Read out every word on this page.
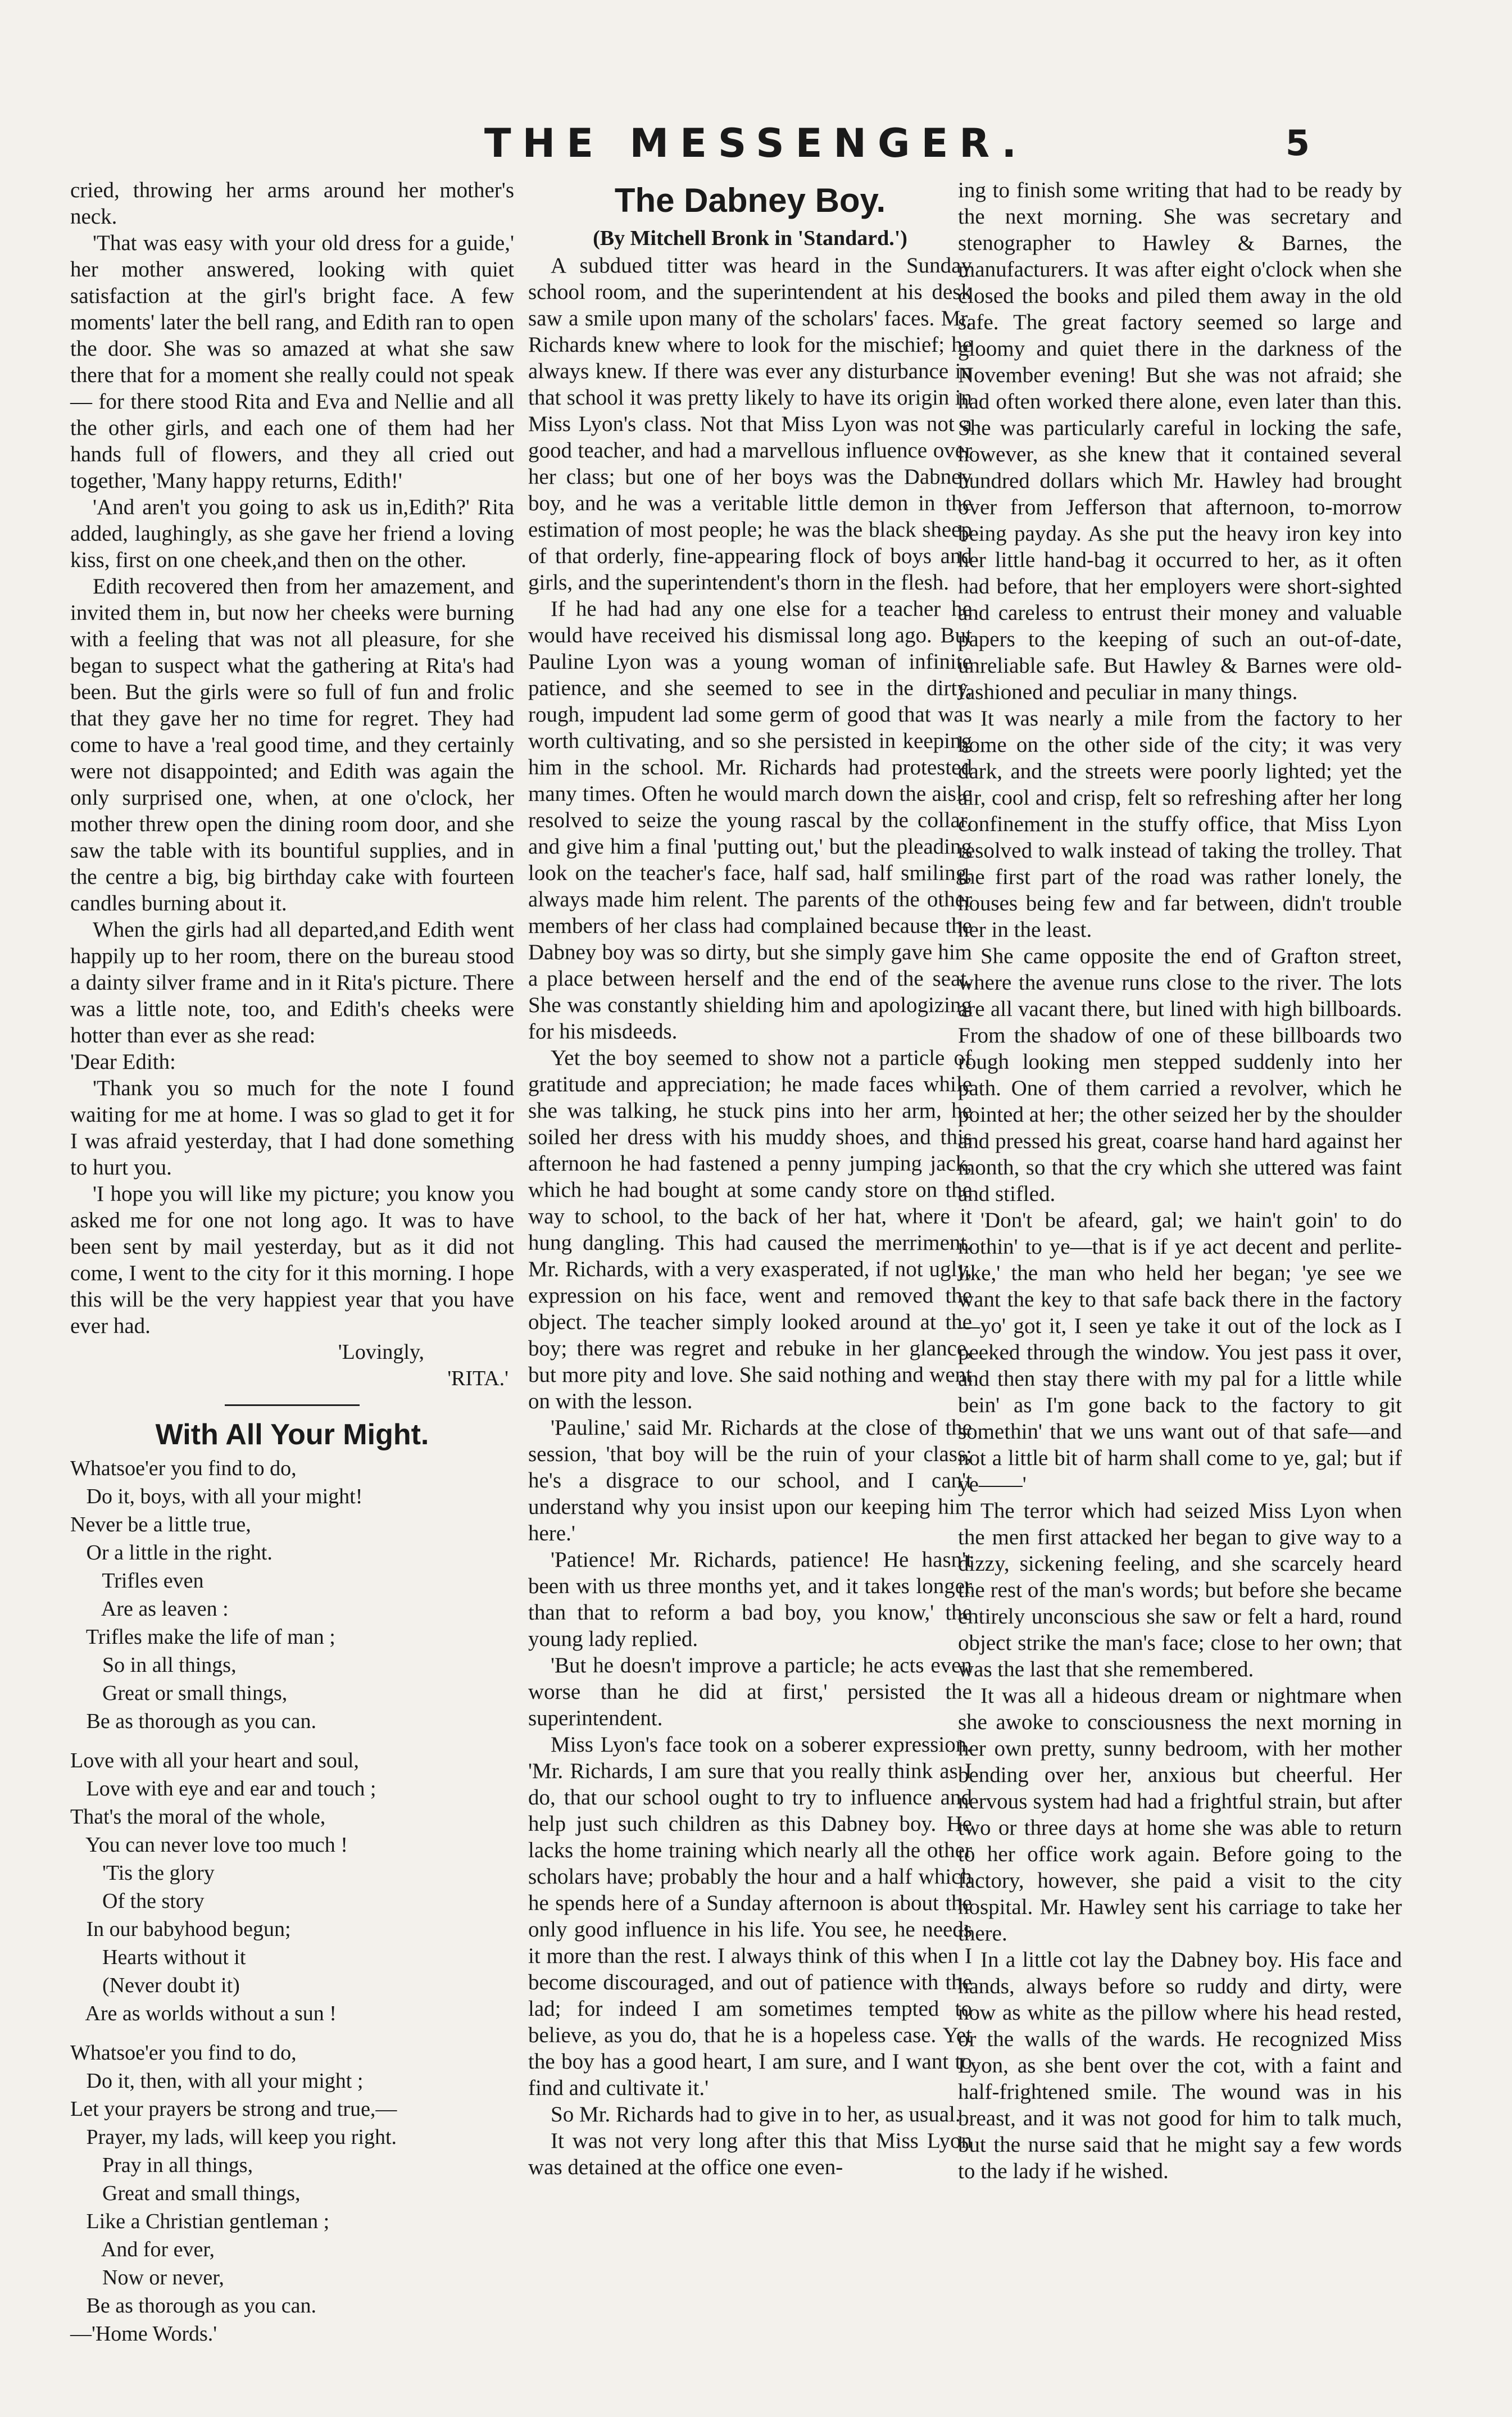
THE MESSENGER.	5

cried, throwing her arms around her mother's neck.

'That was easy with your old dress for a guide,' her mother answered, looking with quiet satisfaction at the girl's bright face. A few moments' later the bell rang, and Edith ran to open the door. She was so amazed at what she saw there that for a moment she really could not speak — for there stood Rita and Eva and Nellie and all the other girls, and each one of them had her hands full of flowers, and they all cried out together, 'Many happy returns, Edith!'

'And aren't you going to ask us in,Edith?' Rita added, laughingly, as she gave her friend a loving kiss, first on one cheek,and then on the other.

Edith recovered then from her amazement, and invited them in, but now her cheeks were burning with a feeling that was not all pleasure, for she began to suspect what the gathering at Rita's had been. But the girls were so full of fun and frolic that they gave her no time for regret. They had come to have a 'real good time, and they certainly were not disappointed; and Edith was again the only surprised one, when, at one o'clock, her mother threw open the dining room door, and she saw the table with its bountiful supplies, and in the centre a big, big birthday cake with fourteen candles burning about it.

When the girls had all departed,and Edith went happily up to her room, there on the bureau stood a dainty silver frame and in it Rita's picture. There was a little note, too, and Edith's cheeks were hotter than ever as she read:

'Dear Edith:

'Thank you so much for the note I found waiting for me at home. I was so glad to get it for I was afraid yesterday, that I had done something to hurt you.

'I hope you will like my picture; you know you asked me for one not long ago. It was to have been sent by mail yesterday, but as it did not come, I went to the city for it this morning. I hope this will be the very happiest year that you have ever had.

'Lovingly,
'RITA.'
With All Your Might.
Whatsoe'er you find to do,
Do it, boys, with all your might!
Never be a little true,
Or a little in the right.
Trifles even
Are as leaven :
Trifles make the life of man ;
So in all things,
Great or small things,
Be as thorough as you can.
Love with all your heart and soul,
Love with eye and ear and touch ;
That's the moral of the whole,
You can never love too much !
'Tis the glory
Of the story
In our babyhood begun;
Hearts without it
(Never doubt it)
Are as worlds without a sun !
Whatsoe'er you find to do,
Do it, then, with all your might ;
Let your prayers be strong and true,—
Prayer, my lads, will keep you right.
Pray in all things,
Great and small things,
Like a Christian gentleman ;
And for ever,
Now or never,
Be as thorough as you can.
—'Home Words.'
The Dabney Boy.
(By Mitchell Bronk in 'Standard.')

A subdued titter was heard in the Sunday school room, and the superintendent at his desk saw a smile upon many of the scholars' faces. Mr. Richards knew where to look for the mischief; he always knew. If there was ever any disturbance in that school it was pretty likely to have its origin in Miss Lyon's class. Not that Miss Lyon was not a good teacher, and had a marvellous influence over her class; but one of her boys was the Dabney boy, and he was a veritable little demon in the estimation of most people; he was the black sheep of that orderly, fine-appearing flock of boys and girls, and the superintendent's thorn in the flesh.

If he had had any one else for a teacher he would have received his dismissal long ago. But Pauline Lyon was a young woman of infinite patience, and she seemed to see in the dirty, rough, impudent lad some germ of good that was worth cultivating, and so she persisted in keeping him in the school. Mr. Richards had protested many times. Often he would march down the aisle resolved to seize the young rascal by the collar, and give him a final 'putting out,' but the pleading look on the teacher's face, half sad, half smiling, always made him relent. The parents of the other members of her class had complained because the Dabney boy was so dirty, but she simply gave him a place between herself and the end of the seat. She was constantly shielding him and apologizing for his misdeeds.

Yet the boy seemed to show not a particle of gratitude and appreciation; he made faces while she was talking, he stuck pins into her arm, he soiled her dress with his muddy shoes, and this afternoon he had fastened a penny jumping jack, which he had bought at some candy store on the way to school, to the back of her hat, where it hung dangling. This had caused the merriment. Mr. Richards, with a very exasperated, if not ugly, expression on his face, went and removed the object. The teacher simply looked around at the boy; there was regret and rebuke in her glance, but more pity and love. She said nothing and went on with the lesson.

'Pauline,' said Mr. Richards at the close of the session, 'that boy will be the ruin of your class; he's a disgrace to our school, and I can't understand why you insist upon our keeping him here.'

'Patience! Mr. Richards, patience! He hasn't been with us three months yet, and it takes longer than that to reform a bad boy, you know,' the young lady replied.

'But he doesn't improve a particle; he acts even worse than he did at first,' persisted the superintendent.

Miss Lyon's face took on a soberer expression. 'Mr. Richards, I am sure that you really think as I do, that our school ought to try to influence and help just such children as this Dabney boy. He lacks the home training which nearly all the other scholars have; probably the hour and a half which he spends here of a Sunday afternoon is about the only good influence in his life. You see, he needs it more than the rest. I always think of this when I become discouraged, and out of patience with the lad; for indeed I am sometimes tempted to believe, as you do, that he is a hopeless case. Yet the boy has a good heart, I am sure, and I want to find and cultivate it.'

So Mr. Richards had to give in to her, as usual.

It was not very long after this that Miss Lyon was detained at the office one even-

ing to finish some writing that had to be ready by the next morning. She was secretary and stenographer to Hawley & Barnes, the manufacturers. It was after eight o'clock when she closed the books and piled them away in the old safe. The great factory seemed so large and gloomy and quiet there in the darkness of the November evening! But she was not afraid; she had often worked there alone, even later than this. She was particularly careful in locking the safe, however, as she knew that it contained several hundred dollars which Mr. Hawley had brought over from Jefferson that afternoon, to-morrow being payday. As she put the heavy iron key into her little hand-bag it occurred to her, as it often had before, that her employers were short-sighted and careless to entrust their money and valuable papers to the keeping of such an out-of-date, unreliable safe. But Hawley & Barnes were old-fashioned and peculiar in many things.

It was nearly a mile from the factory to her home on the other side of the city; it was very dark, and the streets were poorly lighted; yet the air, cool and crisp, felt so refreshing after her long confinement in the stuffy office, that Miss Lyon resolved to walk instead of taking the trolley. That the first part of the road was rather lonely, the houses being few and far between, didn't trouble her in the least.

She came opposite the end of Grafton street, where the avenue runs close to the river. The lots are all vacant there, but lined with high billboards. From the shadow of one of these billboards two rough looking men stepped suddenly into her path. One of them carried a revolver, which he pointed at her; the other seized her by the shoulder and pressed his great, coarse hand hard against her month, so that the cry which she uttered was faint and stifled.

'Don't be afeard, gal; we hain't goin' to do nothin' to ye—that is if ye act decent and perlite-like,' the man who held her began; 'ye see we want the key to that safe back there in the factory—yo' got it, I seen ye take it out of the lock as I peeked through the window. You jest pass it over, and then stay there with my pal for a little while bein' as I'm gone back to the factory to git somethin' that we uns want out of that safe—and not a little bit of harm shall come to ye, gal; but if ye——'

The terror which had seized Miss Lyon when the men first attacked her began to give way to a dizzy, sickening feeling, and she scarcely heard the rest of the man's words; but before she became entirely unconscious she saw or felt a hard, round object strike the man's face; close to her own; that was the last that she remembered.

It was all a hideous dream or nightmare when she awoke to consciousness the next morning in her own pretty, sunny bedroom, with her mother bending over her, anxious but cheerful. Her nervous system had had a frightful strain, but after two or three days at home she was able to return to her office work again. Before going to the factory, however, she paid a visit to the city hospital. Mr. Hawley sent his carriage to take her there.

In a little cot lay the Dabney boy. His face and hands, always before so ruddy and dirty, were now as white as the pillow where his head rested, or the walls of the wards. He recognized Miss Lyon, as she bent over the cot, with a faint and half-frightened smile. The wound was in his breast, and it was not good for him to talk much, but the nurse said that he might say a few words to the lady if he wished.
